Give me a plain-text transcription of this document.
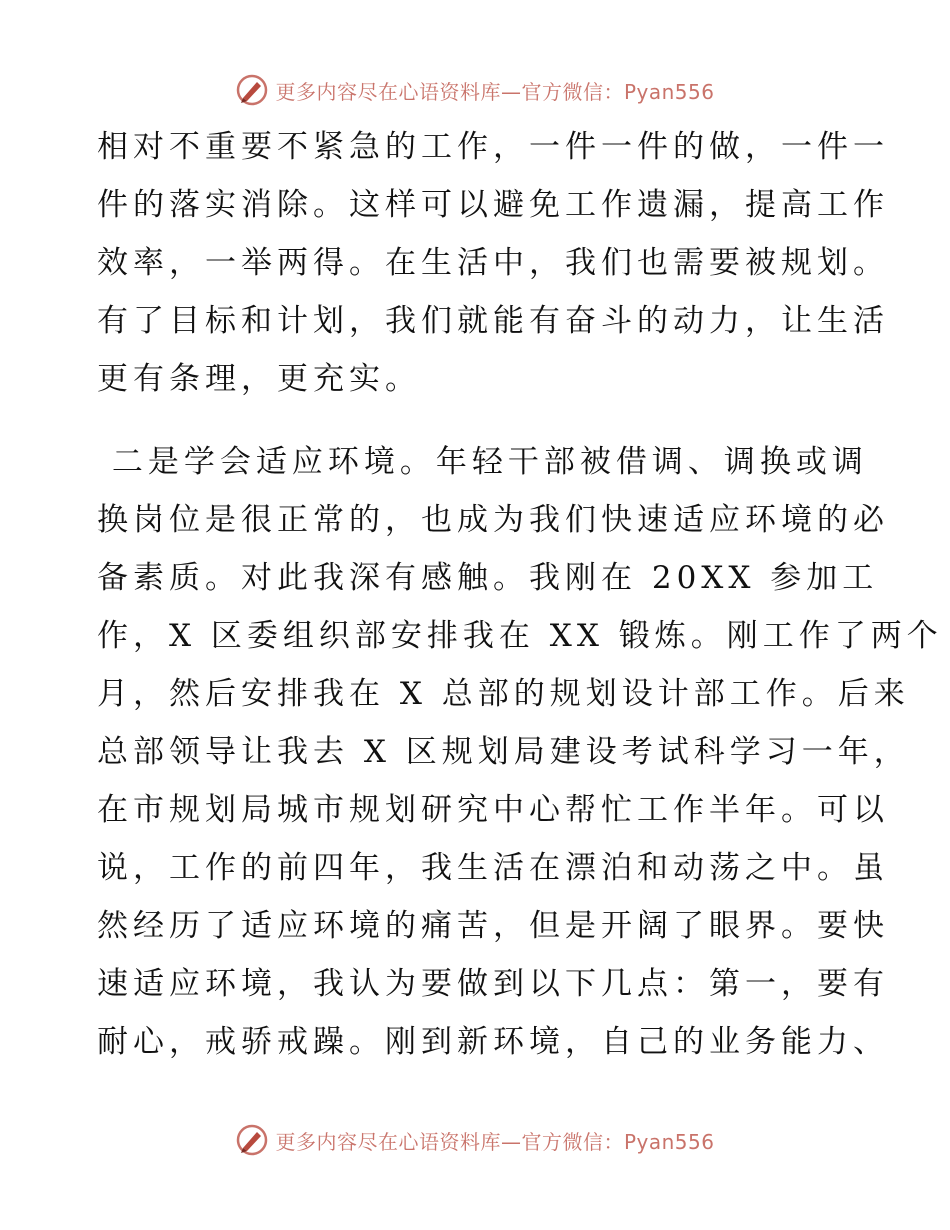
更多内容尽在心语资料库—官方微信：Pyan556

相对不重要不紧急的工作，一件一件的做，一件一
件的落实消除。这样可以避免工作遗漏，提高工作
效率，一举两得。在生活中，我们也需要被规划。
有了目标和计划，我们就能有奋斗的动力，让生活
更有条理，更充实。

二是学会适应环境。年轻干部被借调、调换或调
换岗位是很正常的，也成为我们快速适应环境的必
备素质。对此我深有感触。我刚在 20XX 参加工
作，X 区委组织部安排我在 XX 锻炼。刚工作了两个
月，然后安排我在 X 总部的规划设计部工作。后来
总部领导让我去 X 区规划局建设考试科学习一年，
在市规划局城市规划研究中心帮忙工作半年。可以
说，工作的前四年，我生活在漂泊和动荡之中。虽
然经历了适应环境的痛苦，但是开阔了眼界。要快
速适应环境，我认为要做到以下几点：第一，要有
耐心，戒骄戒躁。刚到新环境，自己的业务能力、

更多内容尽在心语资料库—官方微信：Pyan556
